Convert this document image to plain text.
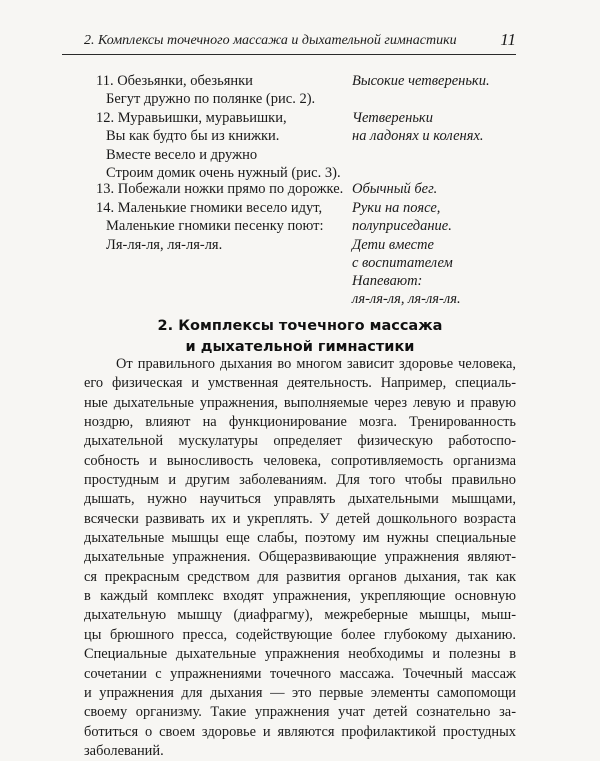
2. Комплексы точечного массажа и дыхательной гимнастики	11
11. Обезьянки, обезьянки
Бегут дружно по полянке (рис. 2).
Высокие четвереньки.
12. Муравьишки, муравьишки,
Вы как будто бы из книжки.
Вместе весело и дружно
Строим домик очень нужный (рис. 3).
Четвереньки
на ладонях и коленях.
13. Побежали ножки прямо по дорожке. Обычный бег.
14. Маленькие гномики весело идут,
Маленькие гномики песенку поют:
Ля-ля-ля, ля-ля-ля.
Руки на поясе,
полуприседание.
Дети вместе
с воспитателем
Напевают:
ля-ля-ля, ля-ля-ля.
2. Комплексы точечного массажа
и дыхательной гимнастики
От правильного дыхания во многом зависит здоровье человека,
его физическая и умственная деятельность. Например, специаль-
ные дыхательные упражнения, выполняемые через левую и правую
ноздрю, влияют на функционирование мозга. Тренированность
дыхательной мускулатуры определяет физическую работоспо-
собность и выносливость человека, сопротивляемость организма
простудным и другим заболеваниям. Для того чтобы правильно
дышать, нужно научиться управлять дыхательными мышцами,
всячески развивать их и укреплять. У детей дошкольного возраста
дыхательные мышцы еще слабы, поэтому им нужны специальные
дыхательные упражнения. Общеразвивающие упражнения являют-
ся прекрасным средством для развития органов дыхания, так как
в каждый комплекс входят упражнения, укрепляющие основную
дыхательную мышцу (диафрагму), межреберные мышцы, мыш-
цы брюшного пресса, содействующие более глубокому дыханию.
Специальные дыхательные упражнения необходимы и полезны в
сочетании с упражнениями точечного массажа. Точечный массаж
и упражнения для дыхания — это первые элементы самопомощи
своему организму. Такие упражнения учат детей сознательно за-
ботиться о своем здоровье и являются профилактикой простудных
заболеваний.
